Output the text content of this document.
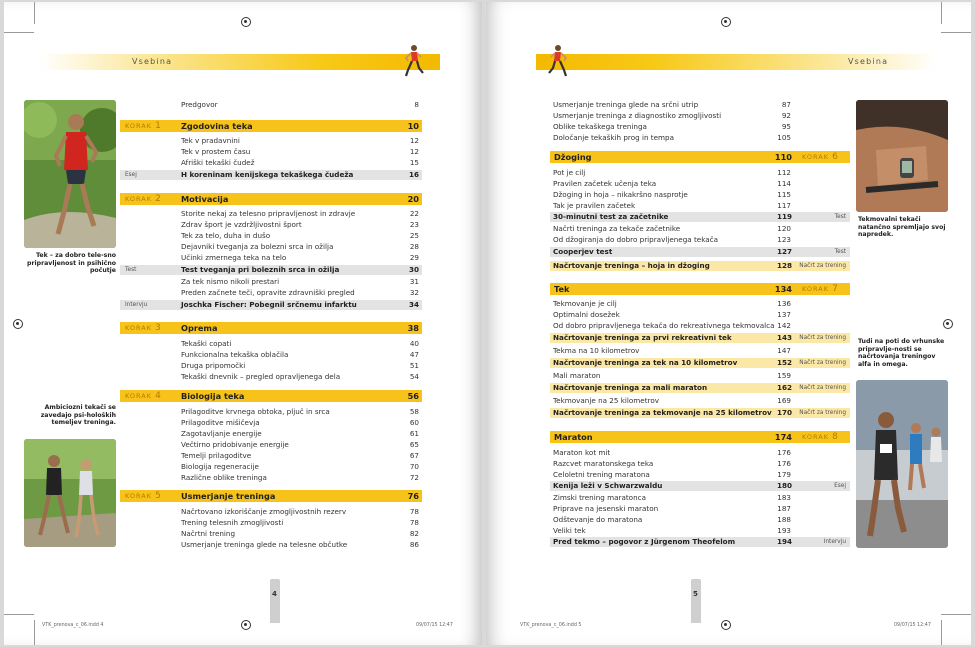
Vsebina
Tek – za dobro tele-sno pripravljenost in psihično počutje
Ambiciozni tekači se zavedajo psi-holoških temeljev treninga.
Predgovor	8
KORAK 1 Zgodovina teka	10
Tek v pradavnini	12
Tek v prostem času	12
Afriški tekaški čudež	15
Esej	H koreninam kenijskega tekaškega čudeža	16
KORAK 2 Motivacija	20
Storite nekaj za telesno pripravljenost in zdravje	22
Zdrav šport je vzdržljivostni šport	23
Tek za telo, duha in dušo	25
Dejavniki tveganja za bolezni srca in ožilja	28
Učinki zmernega teka na telo	29
Test	Test tveganja pri boleznih srca in ožilja	30
Za tek nismo nikoli prestari	31
Preden začnete teči, opravite zdravniški pregled	32
Intervju	Joschka Fischer: Pobegnil srčnemu infarktu	34
KORAK 3 Oprema	38
Tekaški copati	40
Funkcionalna tekaška oblačila	47
Druga pripomočki	51
Tekaški dnevnik – pregled opravljenega dela	54
KORAK 4 Biologija teka	56
Prilagoditve krvnega obtoka, pljuč in srca	58
Prilagoditve mišičevja	60
Zagotavljanje energije	61
Večtirno pridobivanje energije	65
Temelji prilagoditve	67
Biologija regeneracije	70
Različne oblike treninga	72
KORAK 5 Usmerjanje treninga	76
Načrtovano izkoriščanje zmogljivostnih rezerv	78
Trening telesnih zmogljivosti	78
Načrtni trening	82
Usmerjanje treninga glede na telesne občutke	86
4
VTK_prenova_c_06.indd 4	09/07/15 12:47
Vsebina
Tekmovalni tekači natančno spremljajo svoj napredek.
Tudi na poti do vrhunske pripravlje-nosti se načrtovanja treningov alfa in omega.
Usmerjanje treninga glede na srčni utrip	87
Usmerjanje treninga z diagnostiko zmogljivosti	92
Oblike tekaškega treninga	95
Določanje tekaških prog in tempa	105
Džoging	110 KORAK 6
Pot je cilj	112
Pravilen začetek učenja teka	114
Džoging in hoja – nikakršno nasprotje	115
Tak je pravilen začetek	117
30-minutni test za začetnike	119	Test
Načrti treninga za tekače začetnike	120
Od džogiranja do dobro pripravljenega tekača	123
Cooperjev test	127	Test
Načrtovanje treninga – hoja in džoging	128 Načrt za trening
Tek	134 KORAK 7
Tekmovanje je cilj	136
Optimalni dosežek	137
Od dobro pripravljenega tekača do rekreativnega tekmovalca 142
Načrtovanje treninga za prvi rekreativni tek	143 Načrt za trening
Tekma na 10 kilometrov	147
Načrtovanje treninga za tek na 10 kilometrov	152 Načrt za trening
Mali maraton	159
Načrtovanje treninga za mali maraton	162 Načrt za trening
Tekmovanje na 25 kilometrov	169
Načrtovanje treninga za tekmovanje na 25 kilometrov 170 Načrt za trening
Maraton	174 KORAK 8
Maraton kot mit	176
Razcvet maratonskega teka	176
Celoletni trening maratona	179
Kenija leži v Schwarzwaldu	180	Esej
Zimski trening maratonca	183
Priprave na jesenski maraton	187
Odštevanje do maratona	188
Veliki tek	193
Pred tekmo – pogovor z Jürgenom Theofelom	194	Intervju
5
VTK_prenova_c_06.indd 5	09/07/15 12:47
